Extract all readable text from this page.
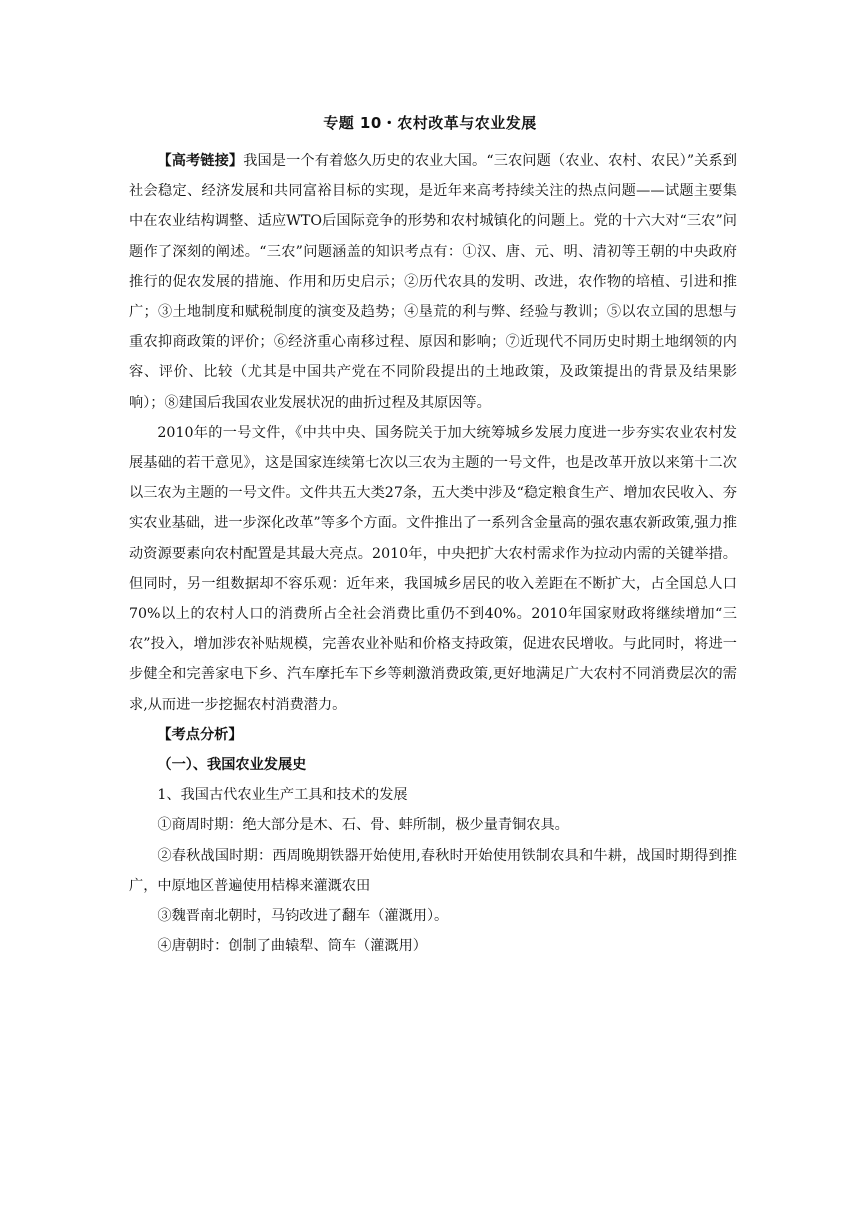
专题 10・农村改革与农业发展

【高考链接】我国是一个有着悠久历史的农业大国。“三农问题（农业、农村、农民）”关系到社会稳定、经济发展和共同富裕目标的实现，是近年来高考持续关注的热点问题——试题主要集中在农业结构调整、适应WTO后国际竞争的形势和农村城镇化的问题上。党的十六大对“三农”问题作了深刻的阐述。“三农”问题涵盖的知识考点有：①汉、唐、元、明、清初等王朝的中央政府推行的促农发展的措施、作用和历史启示；②历代农具的发明、改进，农作物的培植、引进和推广；③土地制度和赋税制度的演变及趋势；④垦荒的利与弊、经验与教训；⑤以农立国的思想与重农抑商政策的评价；⑥经济重心南移过程、原因和影响；⑦近现代不同历史时期土地纲领的内容、评价、比较（尤其是中国共产党在不同阶段提出的土地政策，及政策提出的背景及结果影响）；⑧建国后我国农业发展状况的曲折过程及其原因等。

2010年的一号文件，《中共中央、国务院关于加大统筹城乡发展力度进一步夯实农业农村发展基础的若干意见》，这是国家连续第七次以三农为主题的一号文件，也是改革开放以来第十二次以三农为主题的一号文件。文件共五大类27条，五大类中涉及“稳定粮食生产、增加农民收入、夯实农业基础，进一步深化改革”等多个方面。文件推出了一系列含金量高的强农惠农新政策,强力推动资源要素向农村配置是其最大亮点。2010年，中央把扩大农村需求作为拉动内需的关键举措。但同时，另一组数据却不容乐观：近年来，我国城乡居民的收入差距在不断扩大，占全国总人口70%以上的农村人口的消费所占全社会消费比重仍不到40%。2010年国家财政将继续增加“三农”投入，增加涉农补贴规模，完善农业补贴和价格支持政策，促进农民增收。与此同时，将进一步健全和完善家电下乡、汽车摩托车下乡等刺激消费政策,更好地满足广大农村不同消费层次的需求,从而进一步挖掘农村消费潜力。

【考点分析】

（一）、我国农业发展史

1、我国古代农业生产工具和技术的发展

①商周时期：绝大部分是木、石、骨、蚌所制，极少量青铜农具。

②春秋战国时期：西周晚期铁器开始使用,春秋时开始使用铁制农具和牛耕，战国时期得到推广，中原地区普遍使用桔槔来灌溉农田

③魏晋南北朝时，马钧改进了翻车（灌溉用）。

④唐朝时：创制了曲辕犁、筒车（灌溉用）
